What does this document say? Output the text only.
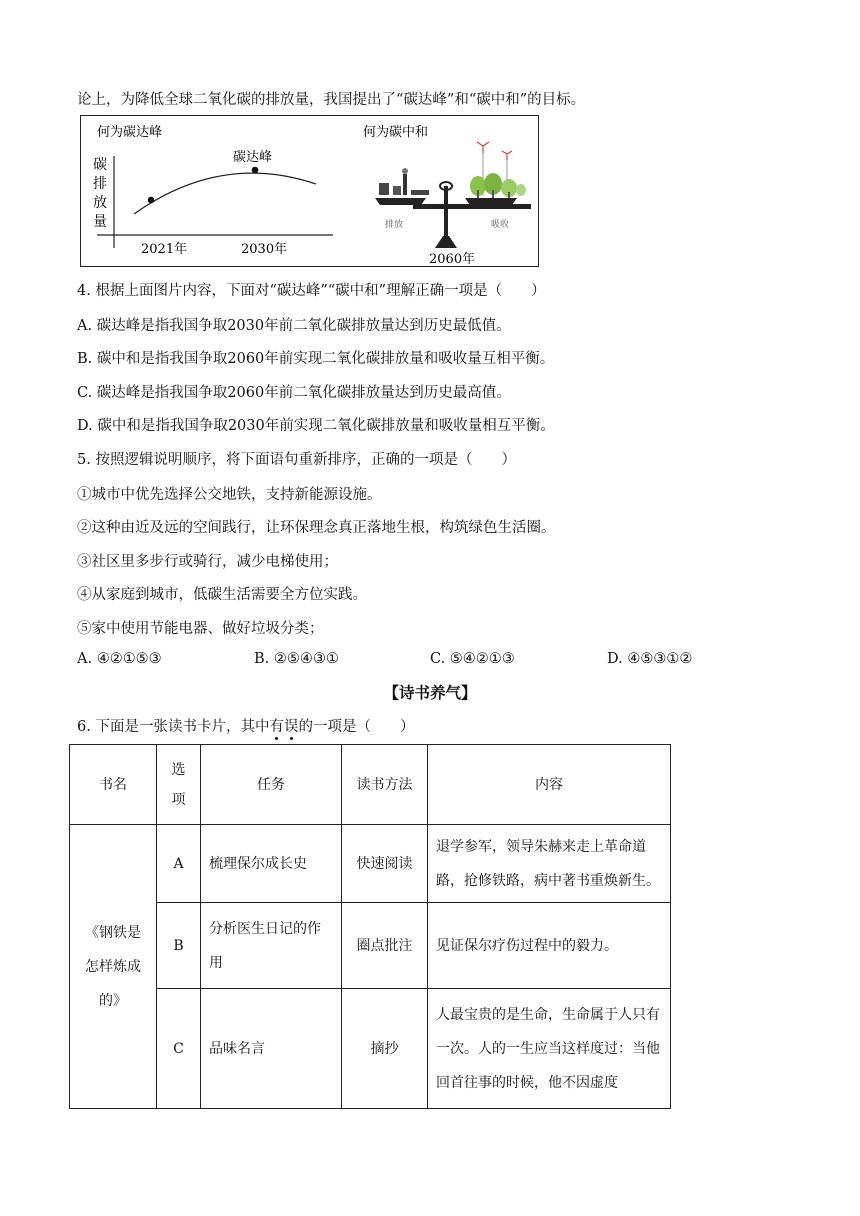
论上，为降低全球二氧化碳的排放量，我国提出了“碳达峰”和“碳中和”的目标。
何为碳达峰
碳
排
放
量
碳达峰
2021年	2030年
何为碳中和
排放	吸收
2060年
4. 根据上面图片内容，下面对“碳达峰”“碳中和”理解正确一项是（　　）
A. 碳达峰是指我国争取2030年前二氧化碳排放量达到历史最低值。
B. 碳中和是指我国争取2060年前实现二氧化碳排放量和吸收量互相平衡。
C. 碳达峰是指我国争取2060年前二氧化碳排放量达到历史最高值。
D. 碳中和是指我国争取2030年前实现二氧化碳排放量和吸收量相互平衡。
5. 按照逻辑说明顺序，将下面语句重新排序，正确的一项是（　　）
①城市中优先选择公交地铁，支持新能源设施。
②这种由近及远的空间践行，让环保理念真正落地生根，构筑绿色生活圈。
③社区里多步行或骑行，减少电梯使用；
④从家庭到城市，低碳生活需要全方位实践。
⑤家中使用节能电器、做好垃圾分类；
A. ④②①⑤③	B. ②⑤④③①	C. ⑤④②①③	D. ④⑤③①②
【诗书养气】
6. 下面是一张读书卡片，其中有误的一项是（　　）
书名	选项	任务	读书方法	内容
《钢铁是怎样炼成的》	A	梳理保尔成长史	快速阅读	退学参军，领导朱赫来走上革命道路，抢修铁路，病中著书重焕新生。
	B	分析医生日记的作用	圈点批注	见证保尔疗伤过程中的毅力。
	C	品味名言	摘抄	人最宝贵的是生命，生命属于人只有一次。人的一生应当这样度过：当他回首往事的时候，他不因虚度
